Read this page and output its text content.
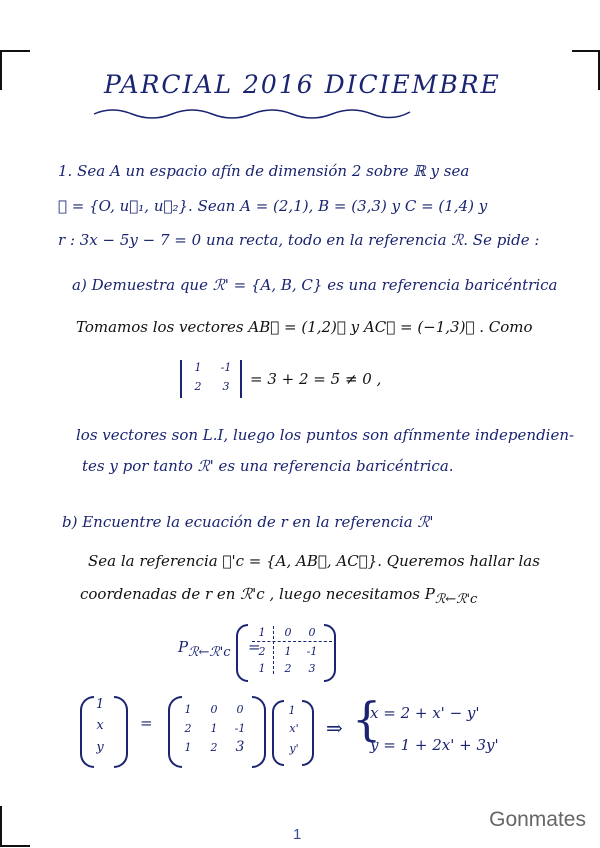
PARCIAL 2016 DICIEMBRE
1. Sea A un espacio afín de dimensión 2 sobre ℝ y sea
ℛ = {O, u⃗₁, u⃗₂}. Sean A = (2,1), B = (3,3) y C = (1,4) y
r : 3x − 5y − 7 = 0 una recta, todo en la referencia ℛ. Se pide :
a) Demuestra que ℛ' = {A, B, C} es una referencia baricéntrica
Tomamos los vectores AB⃗ = (1,2)ℛ y AC⃗ = (−1,3)ℛ . Como
1	-1
2	3	= 3 + 2 = 5 ≠ 0 ,
los vectores son L.I, luego los puntos son afínmente independien-
tes y por tanto ℛ' es una referencia baricéntrica.
b) Encuentre la ecuación de r en la referencia ℛ'
Sea la referencia ℛ'c = {A, AB⃗, AC⃗}. Queremos hallar las
coordenadas de r en ℛ'c , luego necesitamos $P_{ℛ\leftarrow ℛ'c}$
$P_{ℛ\leftarrow ℛ'c}$ =
1	0	0
2	1	-1
1	2	3
1
x
y
=
1	0	0
2	1	-1
1	2	3
1
x'
y'
⇒ {
x = 2 + x' − y'
y = 1 + 2x' + 3y'
Gonmates
1
